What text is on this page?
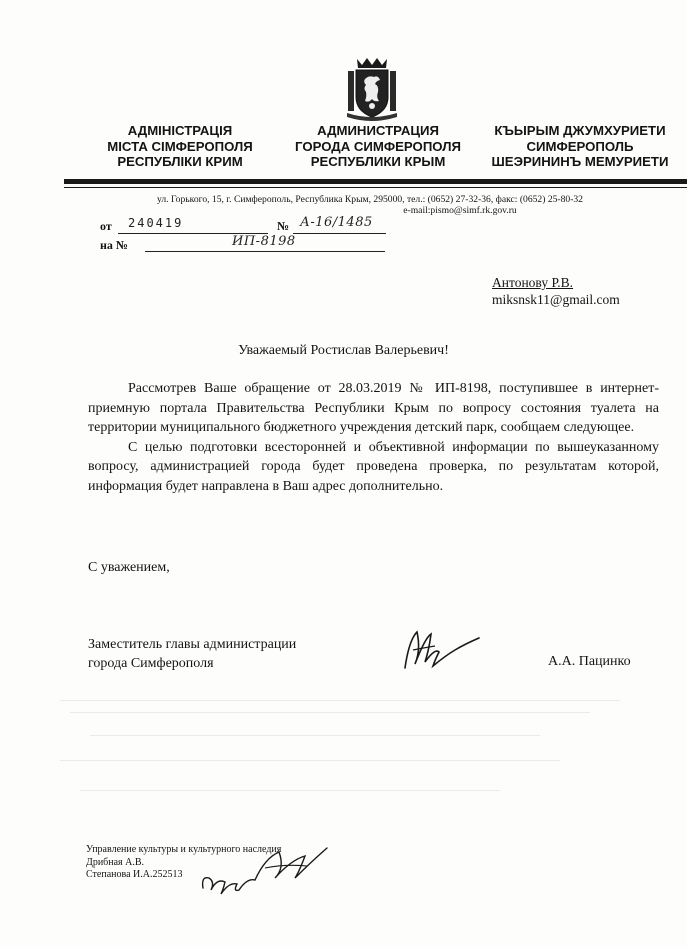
АДМІНІСТРАЦІЯ
МІСТА СІМФЕРОПОЛЯ
РЕСПУБЛІКИ КРИМ
АДМИНИСТРАЦИЯ
ГОРОДА СИМФЕРОПОЛЯ
РЕСПУБЛИКИ КРЫМ
КЪЫРЫМ ДЖУМХУРИЕТИ
СИМФЕРОПОЛЬ
ШЕЭРИНИНЪ МЕМУРИЕТИ
ул. Горького, 15, г. Симферополь, Республика Крым, 295000, тел.: (0652) 27-32-36, факс: (0652) 25-80-32
e-mail:pismo@simf.rk.gov.ru
от 240419	№ А-16/1485
на №	ИП-8198
Антонову Р.В.
miksnsk11@gmail.com
Уважаемый Ростислав Валерьевич!

Рассмотрев Ваше обращение от 28.03.2019 № ИП-8198, поступившее в интернет-приемную портала Правительства Республики Крым по вопросу состояния туалета на территории муниципального бюджетного учреждения детский парк, сообщаем следующее.

С целью подготовки всесторонней и объективной информации по вышеуказанному вопросу, администрацией города будет проведена проверка, по результатам которой, информация будет направлена в Ваш адрес дополнительно.

С уважением,
Заместитель главы администрации
города Симферополя	А.А. Пацинко
Управление культуры и культурного наследия
Дрибная А.В.
Степанова И.А.252513
